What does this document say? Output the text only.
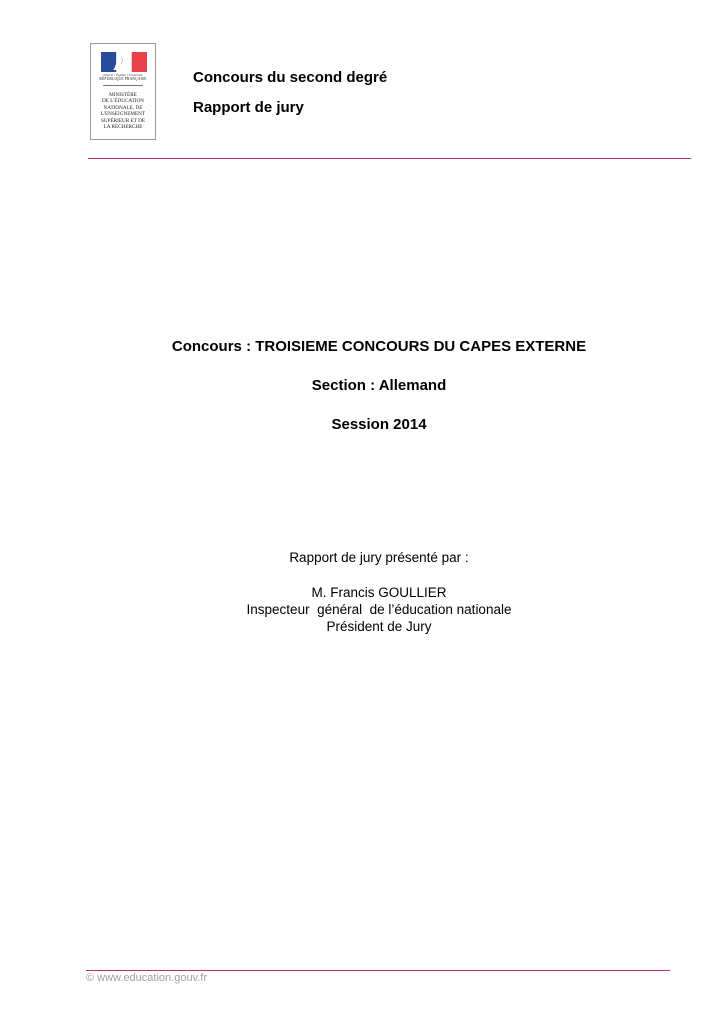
Liberté • Égalité • Fraternité
RÉPUBLIQUE FRANÇAISE
MINISTÈRE
DE L'ÉDUCATION
NATIONALE, DE
L'ENSEIGNEMENT
SUPÉRIEUR ET DE
LA RECHERCHE
Concours du second degré
Rapport de jury
Concours : TROISIEME CONCOURS DU CAPES EXTERNE
Section : Allemand
Session 2014
Rapport de jury présenté par :
M. Francis GOULLIER
Inspecteur  général  de l’éducation nationale
Président de Jury
© www.education.gouv.fr
